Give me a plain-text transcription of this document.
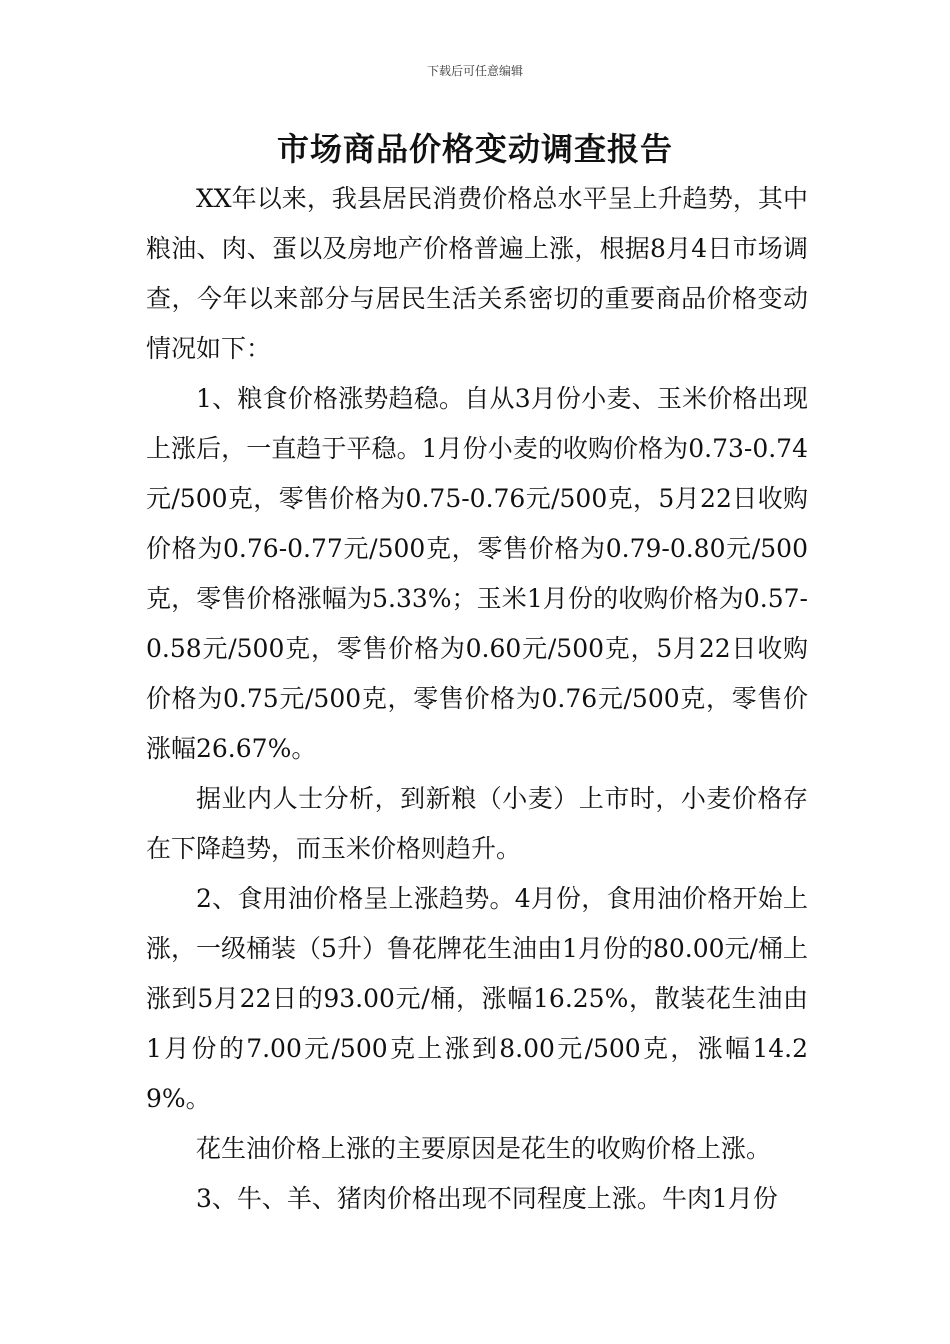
下载后可任意编辑
市场商品价格变动调查报告

XX年以来，我县居民消费价格总水平呈上升趋势，其中粮油、肉、蛋以及房地产价格普遍上涨，根据8月4日市场调查，今年以来部分与居民生活关系密切的重要商品价格变动情况如下：

1、粮食价格涨势趋稳。自从3月份小麦、玉米价格出现上涨后，一直趋于平稳。1月份小麦的收购价格为0.73-0.74元/500克，零售价格为0.75-0.76元/500克，5月22日收购价格为0.76-0.77元/500克，零售价格为0.79-0.80元/500克，零售价格涨幅为5.33%；玉米1月份的收购价格为0.57-0.58元/500克，零售价格为0.60元/500克，5月22日收购价格为0.75元/500克，零售价格为0.76元/500克，零售价涨幅26.67%。

据业内人士分析，到新粮（小麦）上市时，小麦价格存在下降趋势，而玉米价格则趋升。

2、食用油价格呈上涨趋势。4月份，食用油价格开始上涨，一级桶装（5升）鲁花牌花生油由1月份的80.00元/桶上涨到5月22日的93.00元/桶，涨幅16.25%，散装花生油由1月份的7.00元/500克上涨到8.00元/500克，涨幅14.29%。

花生油价格上涨的主要原因是花生的收购价格上涨。

3、牛、羊、猪肉价格出现不同程度上涨。牛肉1月份
